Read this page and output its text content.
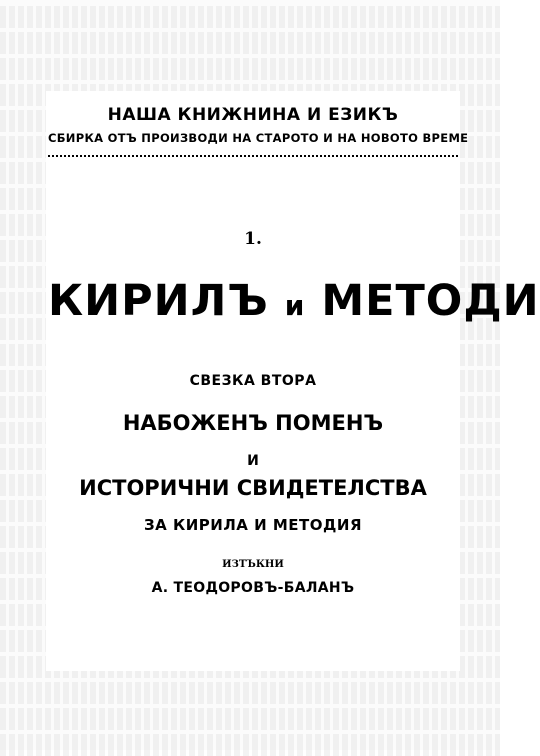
НАША КНИЖНИНА И ЕЗИКЪ
СБИРКА ОТЪ ПРОИЗВОДИ НА СТАРОТО И НА НОВОТО ВРЕМЕ
1.
КИРИЛЪ и МЕТОДИ
СВЕЗКА ВТОРА
НАБОЖЕНЪ ПОМЕНЪ
И
ИСТОРИЧНИ СВИДЕТЕЛСТВА
ЗА КИРИЛА И МЕТОДИЯ
ИЗТЪКНИ
А. ТЕОДОРОВЪ-БАЛАНЪ
